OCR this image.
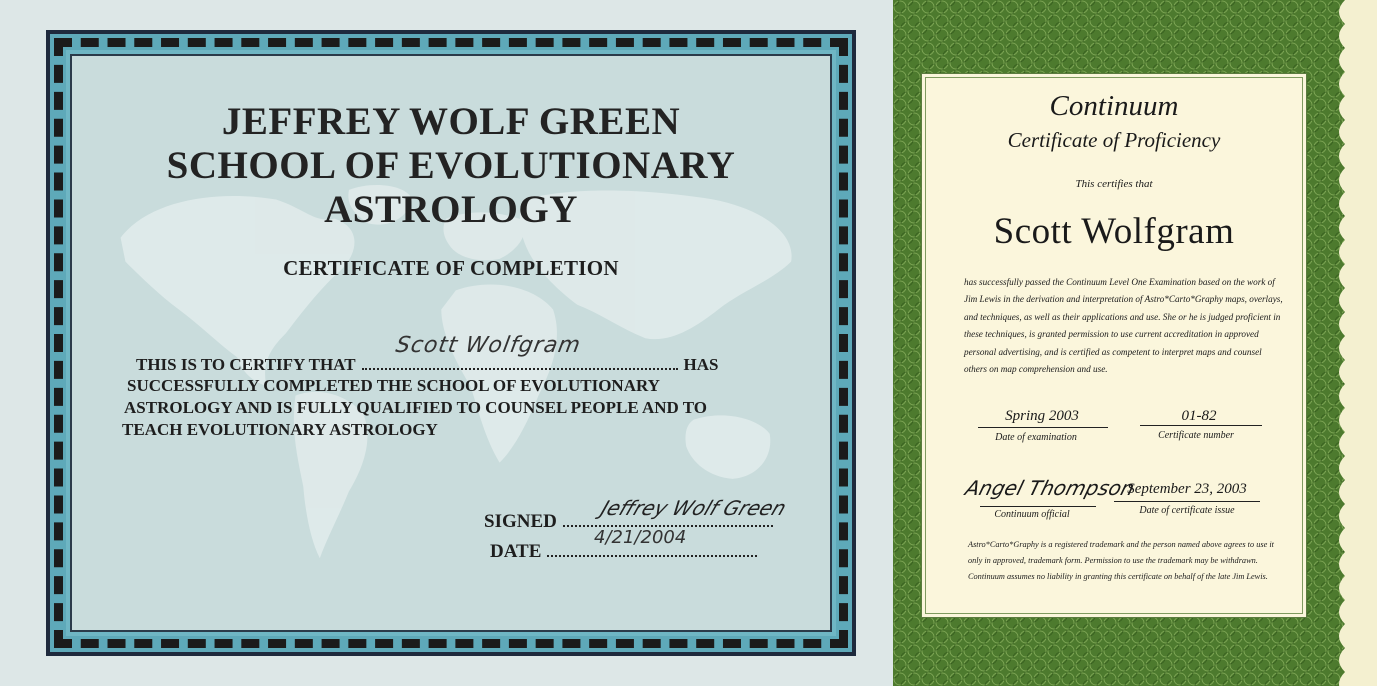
JEFFREY WOLF GREEN SCHOOL OF EVOLUTIONARY ASTROLOGY
CERTIFICATE OF COMPLETION
THIS IS TO CERTIFY THAT	HAS
Scott Wolfgram
SUCCESSFULLY COMPLETED THE SCHOOL OF EVOLUTIONARY
ASTROLOGY AND IS FULLY QUALIFIED TO COUNSEL PEOPLE AND TO
TEACH EVOLUTIONARY ASTROLOGY
SIGNED
Jeffrey Wolf Green
DATE
4/21/2004
Continuum
Certificate of Proficiency
This certifies that
Scott Wolfgram
has successfully passed the Continuum Level One Examination based on the work of Jim Lewis in the derivation and interpretation of Astro*Carto*Graphy maps, overlays, and techniques, as well as their applications and use. She or he is judged proficient in these techniques, is granted permission to use current accreditation in approved personal advertising, and is certified as competent to interpret maps and counsel others on map comprehension and use.
Spring 2003
Date of examination
01-82
Certificate number
Angel Thompson
Continuum official
September 23, 2003
Date of certificate issue
Astro*Carto*Graphy is a registered trademark and the person named above agrees to use it only in approved, trademark form. Permission to use the trademark may be withdrawn. Continuum assumes no liability in granting this certificate on behalf of the late Jim Lewis.
